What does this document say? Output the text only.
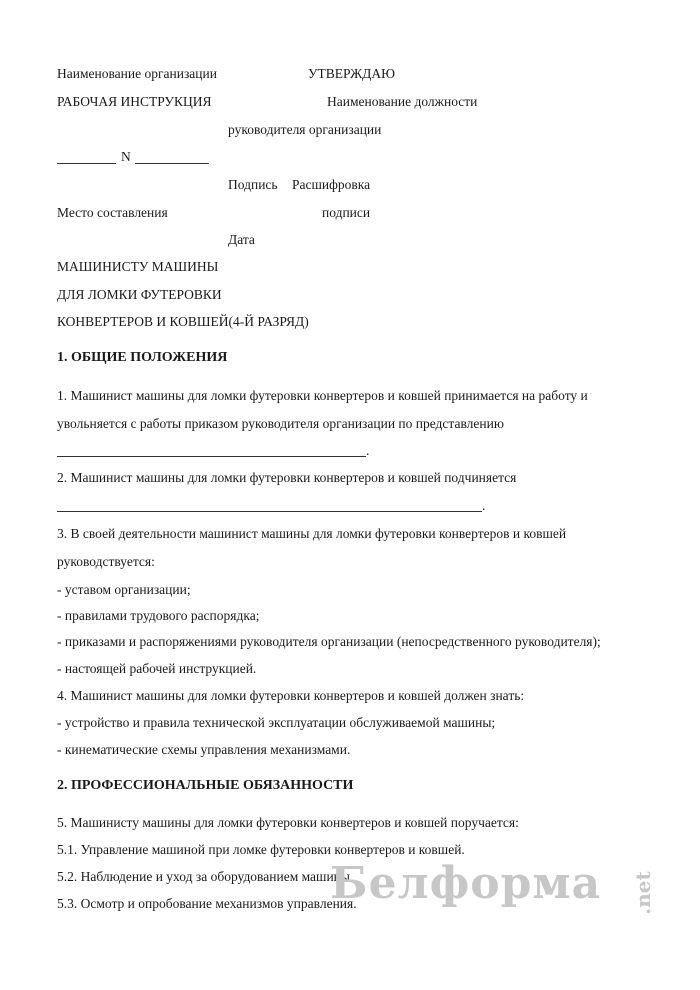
Наименование организации	УТВЕРЖДАЮ
РАБОЧАЯ ИНСТРУКЦИЯ	Наименование должности
руководителя организации
N
Подпись Расшифровка
Место составления	подписи
Дата
МАШИНИСТУ МАШИНЫ
ДЛЯ ЛОМКИ ФУТЕРОВКИ
КОНВЕРТЕРОВ И КОВШЕЙ(4-Й РАЗРЯД)
1. ОБЩИЕ ПОЛОЖЕНИЯ
1. Машинист машины для ломки футеровки конвертеров и ковшей принимается на работу и
увольняется с работы приказом руководителя организации по представлению
.
2. Машинист машины для ломки футеровки конвертеров и ковшей подчиняется
.
3. В своей деятельности машинист машины для ломки футеровки конвертеров и ковшей
руководствуется:
- уставом организации;
- правилами трудового распорядка;
- приказами и распоряжениями руководителя организации (непосредственного руководителя);
- настоящей рабочей инструкцией.
4. Машинист машины для ломки футеровки конвертеров и ковшей должен знать:
- устройство и правила технической эксплуатации обслуживаемой машины;
- кинематические схемы управления механизмами.
2. ПРОФЕССИОНАЛЬНЫЕ ОБЯЗАННОСТИ
5. Машинисту машины для ломки футеровки конвертеров и ковшей поручается:
5.1. Управление машиной при ломке футеровки конвертеров и ковшей.
5.2. Наблюдение и уход за оборудованием машины.
5.3. Осмотр и опробование механизмов управления.
Белформа	.net
